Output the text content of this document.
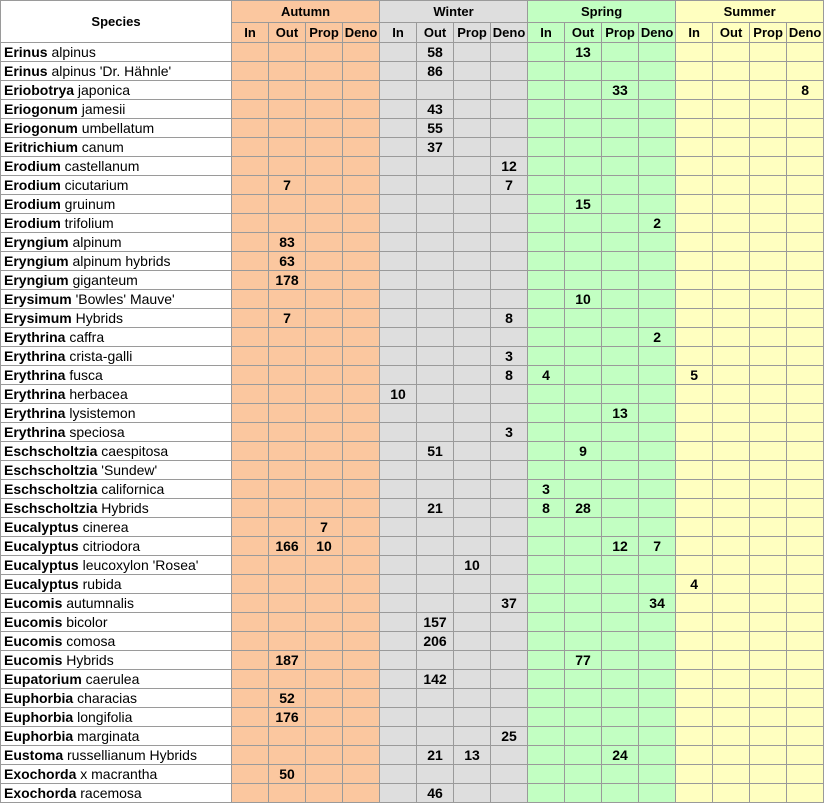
Species	Autumn				Winter				Spring				Summer			
	In	Out	Prop	Deno	In	Out	Prop	Deno	In	Out	Prop	Deno	In	Out	Prop	Deno
Erinus alpinus						58				13						
Erinus alpinus 'Dr. Hähnle'						86										
Eriobotrya japonica											33					8
Eriogonum jamesii						43										
Eriogonum umbellatum						55										
Eritrichium canum						37										
Erodium castellanum								12								
Erodium cicutarium		7						7								
Erodium gruinum										15						
Erodium trifolium												2				
Eryngium alpinum		83														
Eryngium alpinum hybrids		63														
Eryngium giganteum		178														
Erysimum 'Bowles' Mauve'										10						
Erysimum Hybrids		7						8								
Erythrina caffra												2				
Erythrina crista-galli								3								
Erythrina fusca								8	4				5			
Erythrina herbacea					10											
Erythrina lysistemon											13					
Erythrina speciosa								3								
Eschscholtzia caespitosa						51				9						
Eschscholtzia 'Sundew'																
Eschscholtzia californica									3							
Eschscholtzia Hybrids						21			8	28						
Eucalyptus cinerea			7													
Eucalyptus citriodora		166	10								12	7				
Eucalyptus leucoxylon 'Rosea'							10									
Eucalyptus rubida													4			
Eucomis autumnalis								37				34				
Eucomis bicolor						157										
Eucomis comosa						206										
Eucomis Hybrids		187								77						
Eupatorium caerulea						142										
Euphorbia characias		52														
Euphorbia longifolia		176														
Euphorbia marginata								25								
Eustoma russellianum Hybrids						21	13				24					
Exochorda x macrantha		50														
Exochorda racemosa						46										
